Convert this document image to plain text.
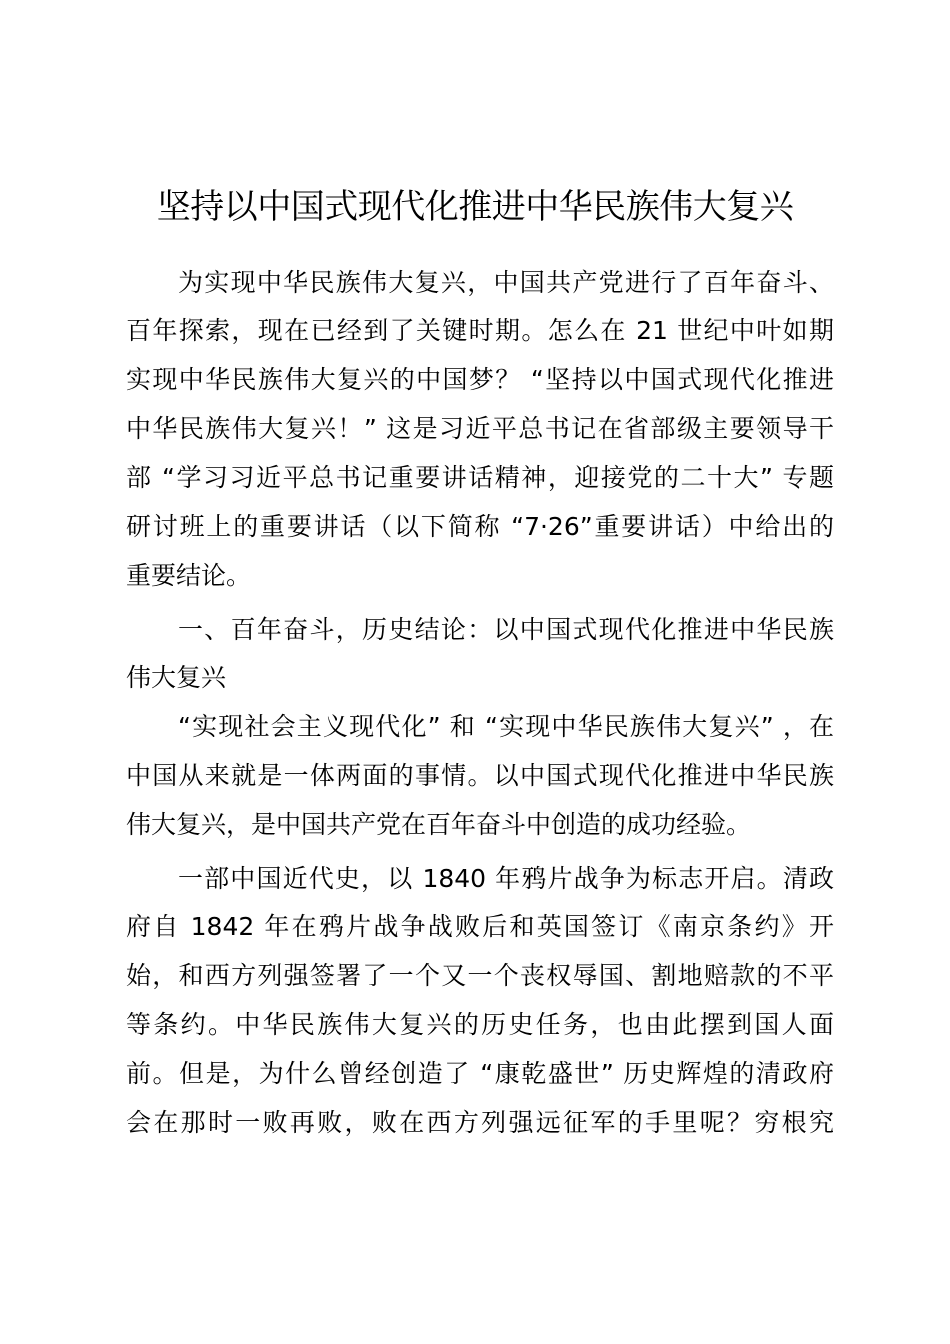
坚持以中国式现代化推进中华民族伟大复兴
为实现中华民族伟大复兴，中国共产党进行了百年奋斗、
百年探索，现在已经到了关键时期。怎么在 21 世纪中叶如期
实现中华民族伟大复兴的中国梦？ “坚持以中国式现代化推进
中华民族伟大复兴！” 这是习近平总书记在省部级主要领导干
部 “学习习近平总书记重要讲话精神，迎接党的二十大” 专题
研讨班上的重要讲话（以下简称 “7·26”重要讲话）中给出的
重要结论。
一、百年奋斗，历史结论：以中国式现代化推进中华民族
伟大复兴
“实现社会主义现代化” 和 “实现中华民族伟大复兴” ，在
中国从来就是一体两面的事情。以中国式现代化推进中华民族
伟大复兴，是中国共产党在百年奋斗中创造的成功经验。
一部中国近代史，以 1840 年鸦片战争为标志开启。清政
府自 1842 年在鸦片战争战败后和英国签订《南京条约》开
始，和西方列强签署了一个又一个丧权辱国、割地赔款的不平
等条约。中华民族伟大复兴的历史任务，也由此摆到国人面
前。但是，为什么曾经创造了 “康乾盛世” 历史辉煌的清政府
会在那时一败再败，败在西方列强远征军的手里呢？穷根究
